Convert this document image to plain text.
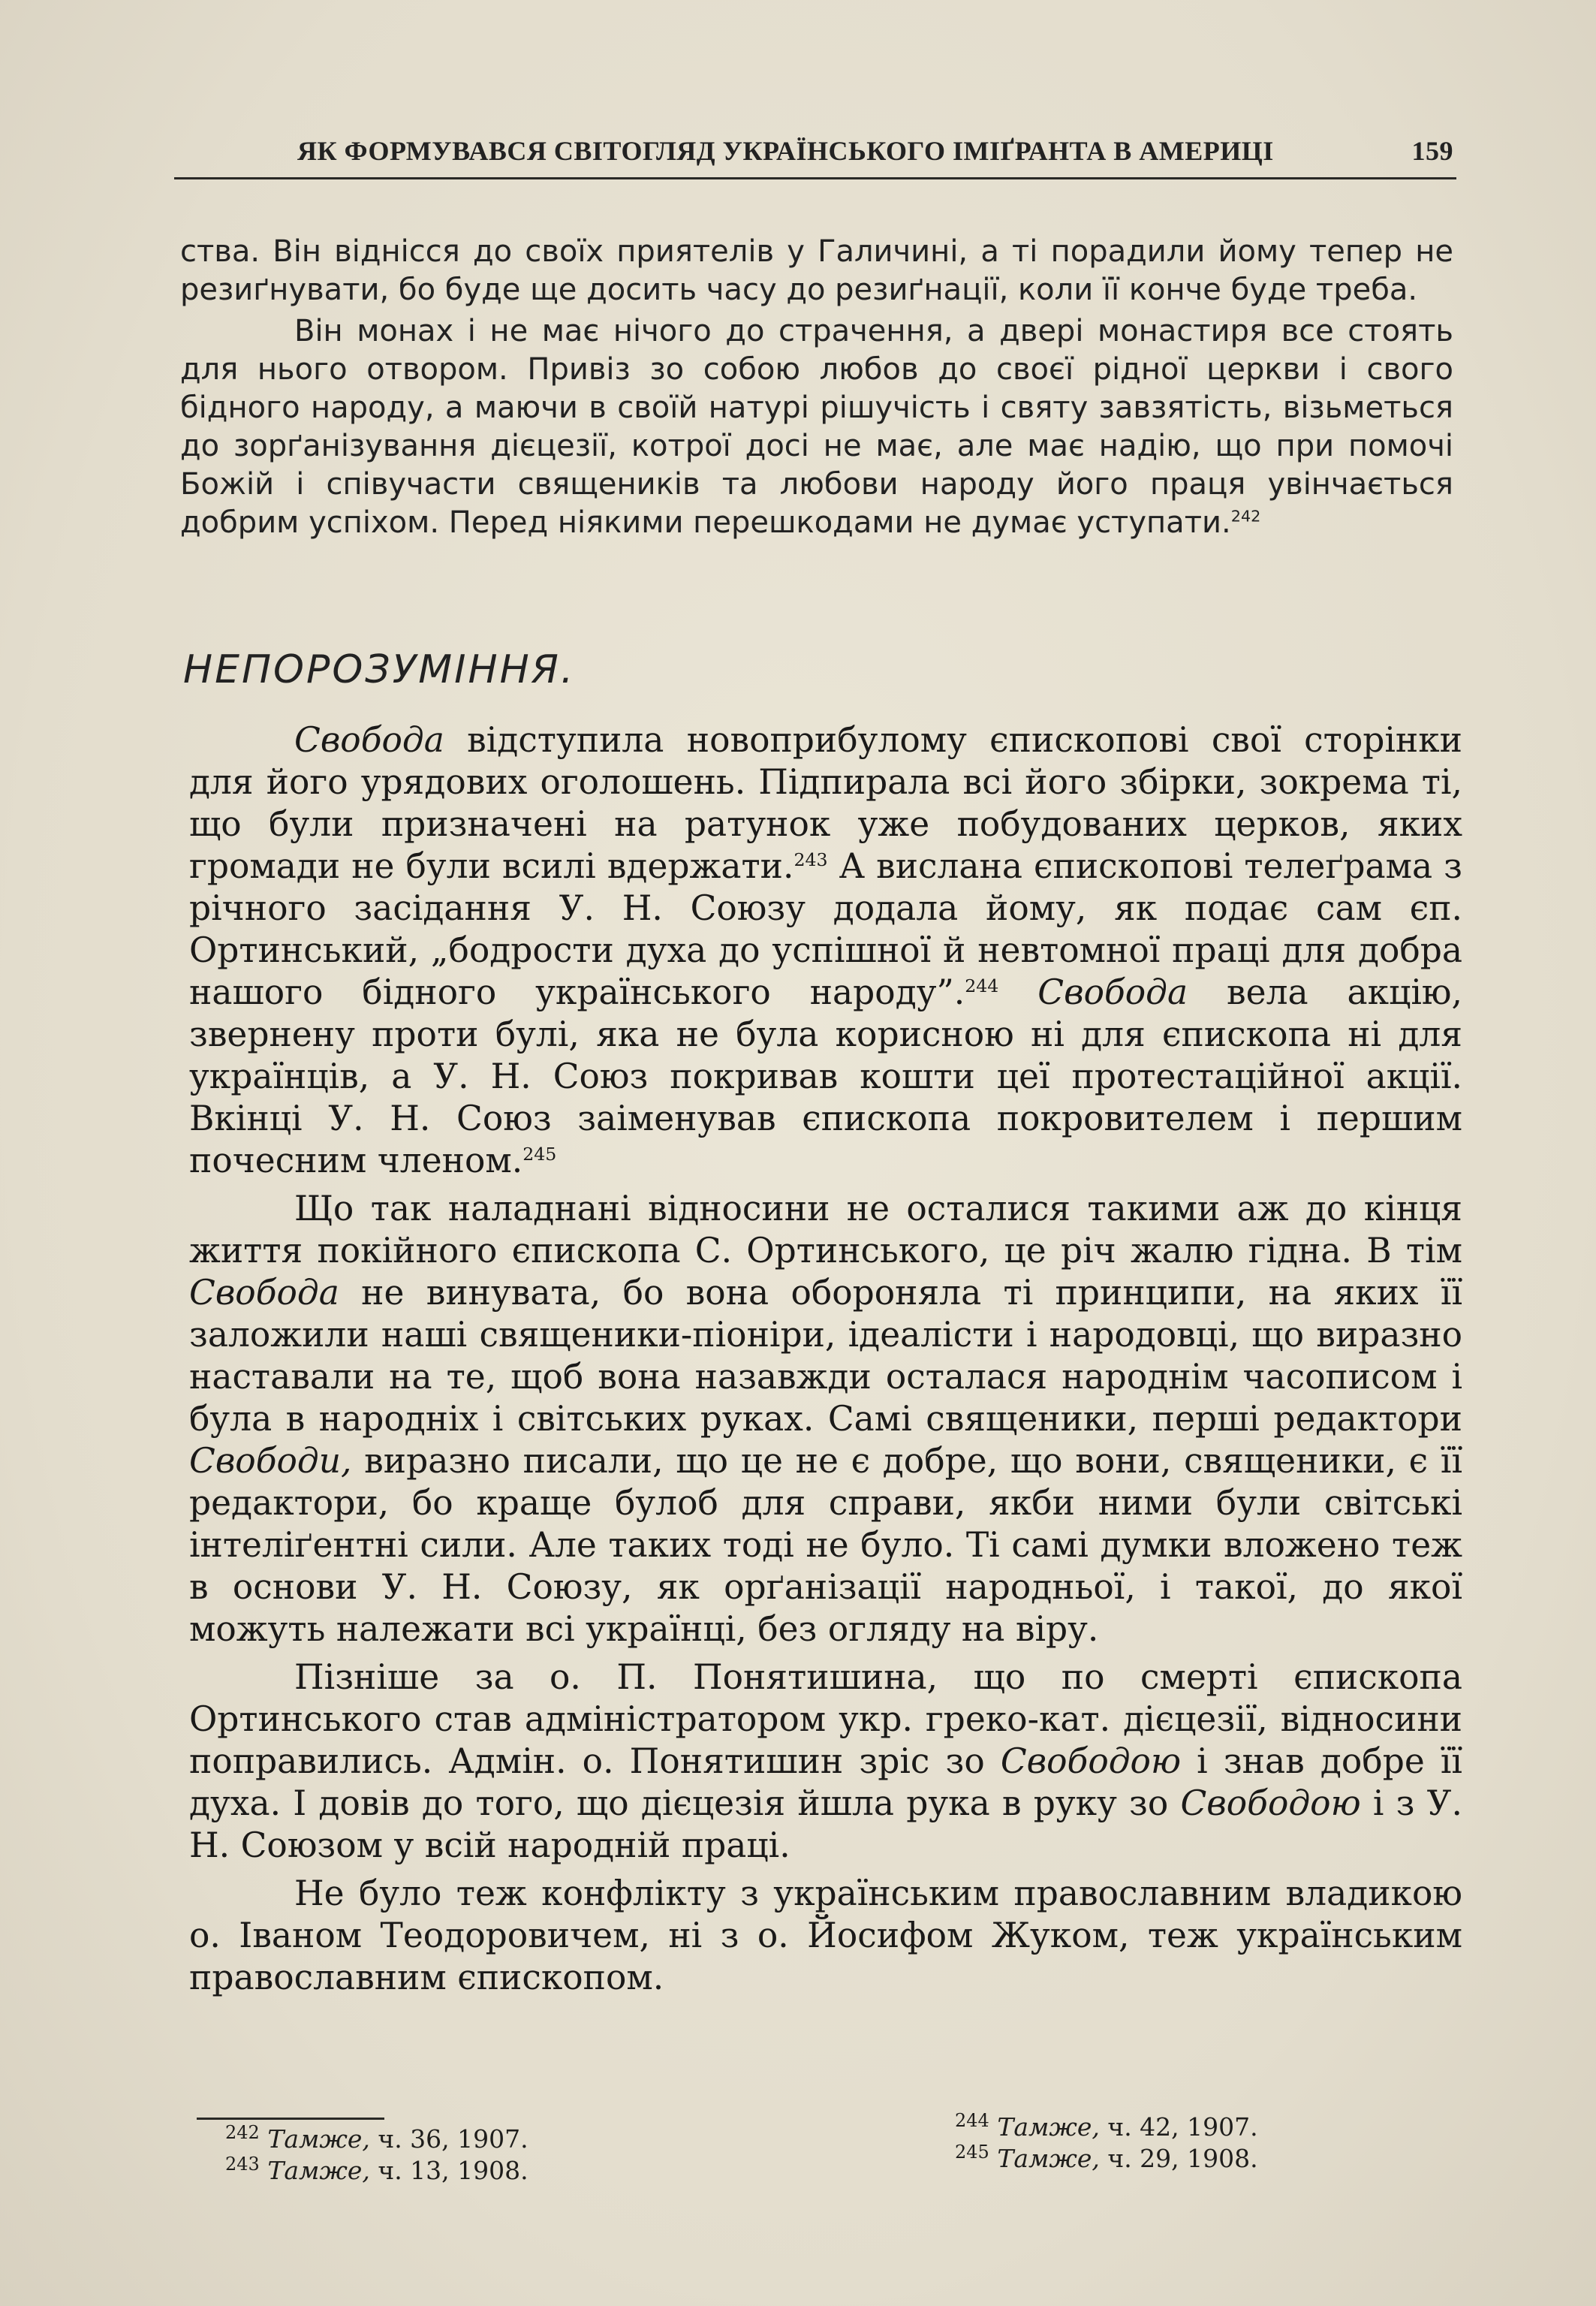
ЯК ФОРМУВАВСЯ СВІТОГЛЯД УКРАЇНСЬКОГО ІМІҐРАНТА В АМЕРИЦІ	159

ства. Він віднісся до своїх приятелів у Галичині, а ті порадили йому тепер не резиґнувати, бо буде ще досить часу до резиґнації, коли її конче буде треба.

Він монах і не має нічого до страчення, а двері монастиря все стоять для нього отвором. Привіз зо собою любов до своєї рідної церкви і свого бідного народу, а маючи в своїй натурі рішучість і святу завзятість, візьметься до зорґанізування дієцезії, котрої досі не має, але має надію, що при помочі Божій і співучасти священиків та любови народу його праця увінчається добрим успіхом. Перед ніякими перешкодами не думає уступати.$^{242}$

НЕПОРОЗУМІННЯ.

Свобода відступила новоприбулому єпископові свої сторінки для його урядових оголошень. Підпирала всі його збірки, зокрема ті, що були призначені на ратунок уже побудованих церков, яких громади не були всилі вдержати.$^{243}$ А вислана єпископові телеґрама з річного засідання У. Н. Союзу додала йому, як подає сам єп. Ортинський, „бодрости духа до успішної й невтомної праці для добра нашого бідного українського народу”.$^{244}$ Свобода вела акцію, звернену проти булі, яка не була корисною ні для єпископа ні для українців, а У. Н. Союз покривав кошти цеї протестаційної акції. Вкінці У. Н. Союз заіменував єпископа покровителем і першим почесним членом.$^{245}$

Що так наладнані відносини не осталися такими аж до кінця життя покійного єпископа С. Ортинського, це річ жалю гідна. В тім Свобода не винувата, бо вона обороняла ті принципи, на яких її заложили наші священики-піоніри, ідеалісти і народовці, що виразно наставали на те, щоб вона назавжди осталася народнім часописом і була в народніх і світських руках. Самі священики, перші редактори Свободи, виразно писали, що це не є добре, що вони, священики, є її редактори, бо краще булоб для справи, якби ними були світські інтеліґентні сили. Але таких тоді не було. Ті самі думки вложено теж в основи У. Н. Союзу, як орґанізації народньої, і такої, до якої можуть належати всі українці, без огляду на віру.

Пізніше за о. П. Понятишина, що по смерті єпископа Ортинського став адміністратором укр. греко-кат. дієцезії, відносини поправились. Адмін. о. Понятишин зріс зо Свободою і знав добре її духа. І довів до того, що дієцезія йшла рука в руку зо Свободою і з У. Н. Союзом у всій народній праці.

Не було теж конфлікту з українським православним владикою о. Іваном Теодоровичем, ні з о. Йосифом Жуком, теж українським православним єпископом.

$^{242}$ Тамже, ч. 36, 1907.
$^{243}$ Тамже, ч. 13, 1908.
$^{244}$ Тамже, ч. 42, 1907.
$^{245}$ Тамже, ч. 29, 1908.
